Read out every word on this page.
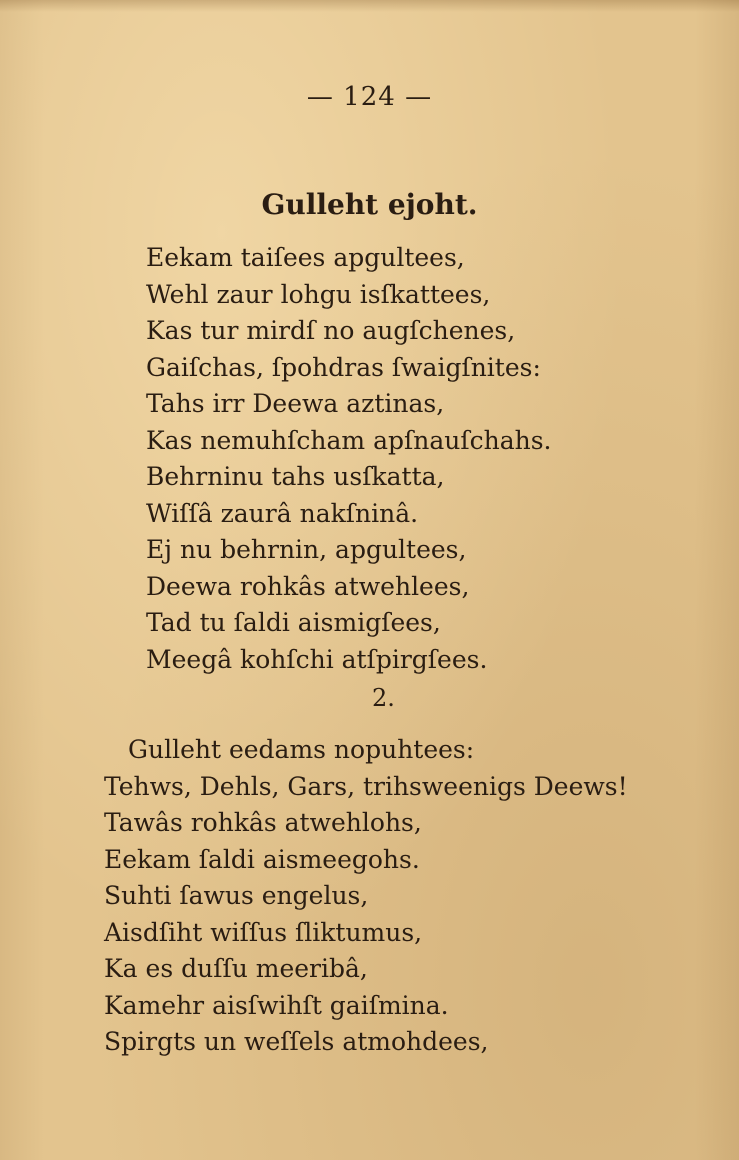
— 124 —
Gulleht ejoht.
Eekam taiſees apgultees,
Wehl zaur lohgu isſkattees,
Kas tur mirdſ no augſchenes,
Gaiſchas, ſpohdras ſwaigſnites:
Tahs irr Deewa aztinas,
Kas nemuhſcham apſnauſchahs.
Behrninu tahs usſkatta,
Wiſſâ zaurâ nakſninâ.
Ej nu behrnin, apgultees,
Deewa rohkâs atwehlees,
Tad tu ſaldi aismigſees,
Meegâ kohſchi atſpirgſees.
2.
Gulleht eedams nopuhtees:
Tehws, Dehls, Gars, trihsweenigs Deews!
Tawâs rohkâs atwehlohs,
Eekam ſaldi aismeegohs.
Suhti ſawus engelus,
Aisdſiht wiſſus ſliktumus,
Ka es duſſu meeribâ,
Kamehr aisſwihſt gaiſmina.
Spirgts un weſſels atmohdees,
